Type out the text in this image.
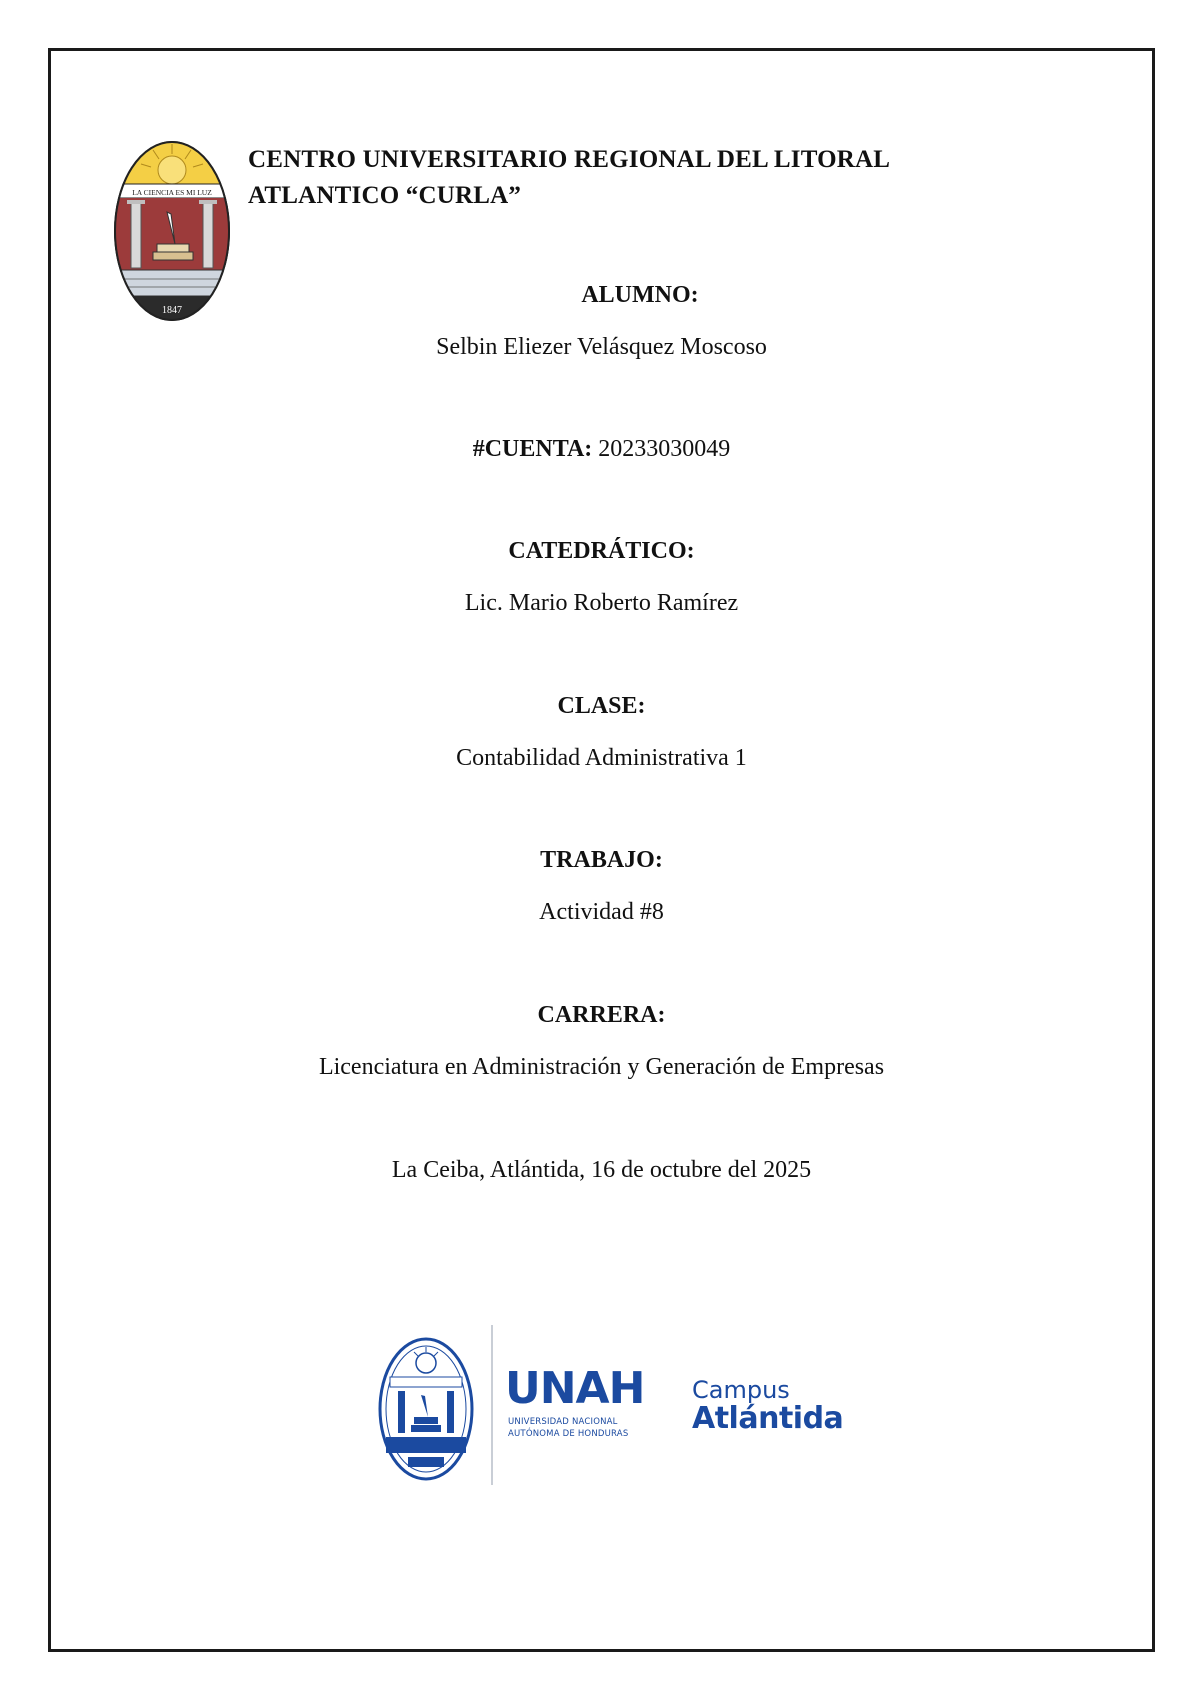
LA CIENCIA ES MI LUZ
1847
CENTRO UNIVERSITARIO REGIONAL DEL LITORAL
ATLANTICO “CURLA”
ALUMNO:
Selbin Eliezer Velásquez Moscoso
#CUENTA: 20233030049
CATEDRÁTICO:
Lic. Mario Roberto Ramírez
CLASE:
Contabilidad Administrativa 1
TRABAJO:
Actividad #8
CARRERA:
Licenciatura en Administración y Generación de Empresas
La Ceiba, Atlántida, 16 de octubre del 2025
UNAH
UNIVERSIDAD NACIONAL
AUTÓNOMA DE HONDURAS
Campus
Atlántida
